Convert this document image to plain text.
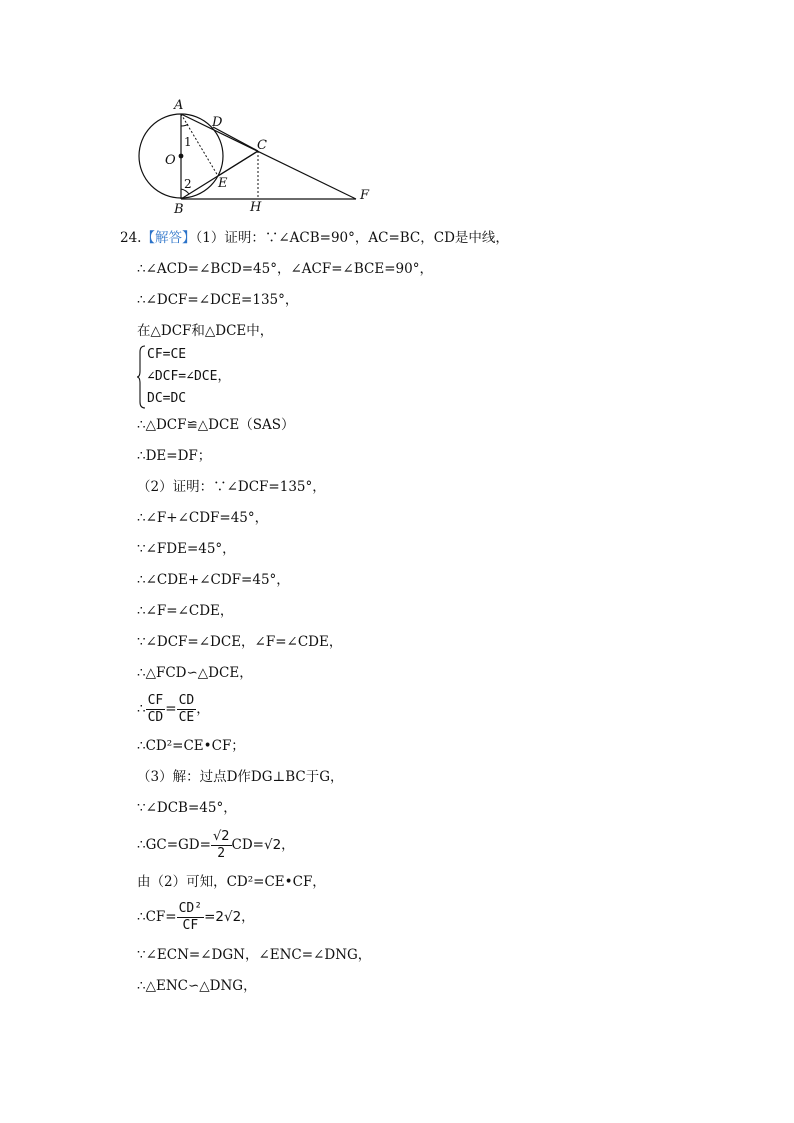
A
D
C
O
E
B	H
F
1
2
24.【解答】（1）证明：∵∠ACB=90°，AC=BC，CD是中线，
∴∠ACD=∠BCD=45°，∠ACF=∠BCE=90°，
∴∠DCF=∠DCE=135°，
在△DCF和△DCE中，
CF=CE
∠DCF=∠DCE，
DC=DC
∴△DCF≌△DCE（SAS）
∴DE=DF；
（2）证明：∵∠DCF=135°，
∴∠F+∠CDF=45°，
∵∠FDE=45°，
∴∠CDE+∠CDF=45°，
∴∠F=∠CDE，
∵∠DCF=∠DCE，∠F=∠CDE，
∴△FCD∽△DCE，
∴ $\frac{CF}{CD} = \frac{CD}{CE}$ ，
∴CD²=CE•CF；
（3）解：过点D作DG⊥BC于G，
∵∠DCB=45°，
∴GC=GD= $\frac{√2}{2} CD=√2$，
由（2）可知，CD²=CE•CF，
∴CF= $\frac{\text{CD²}}{CF} =2√2$，
∵∠ECN=∠DGN，∠ENC=∠DNG，
∴△ENC∽△DNG，
